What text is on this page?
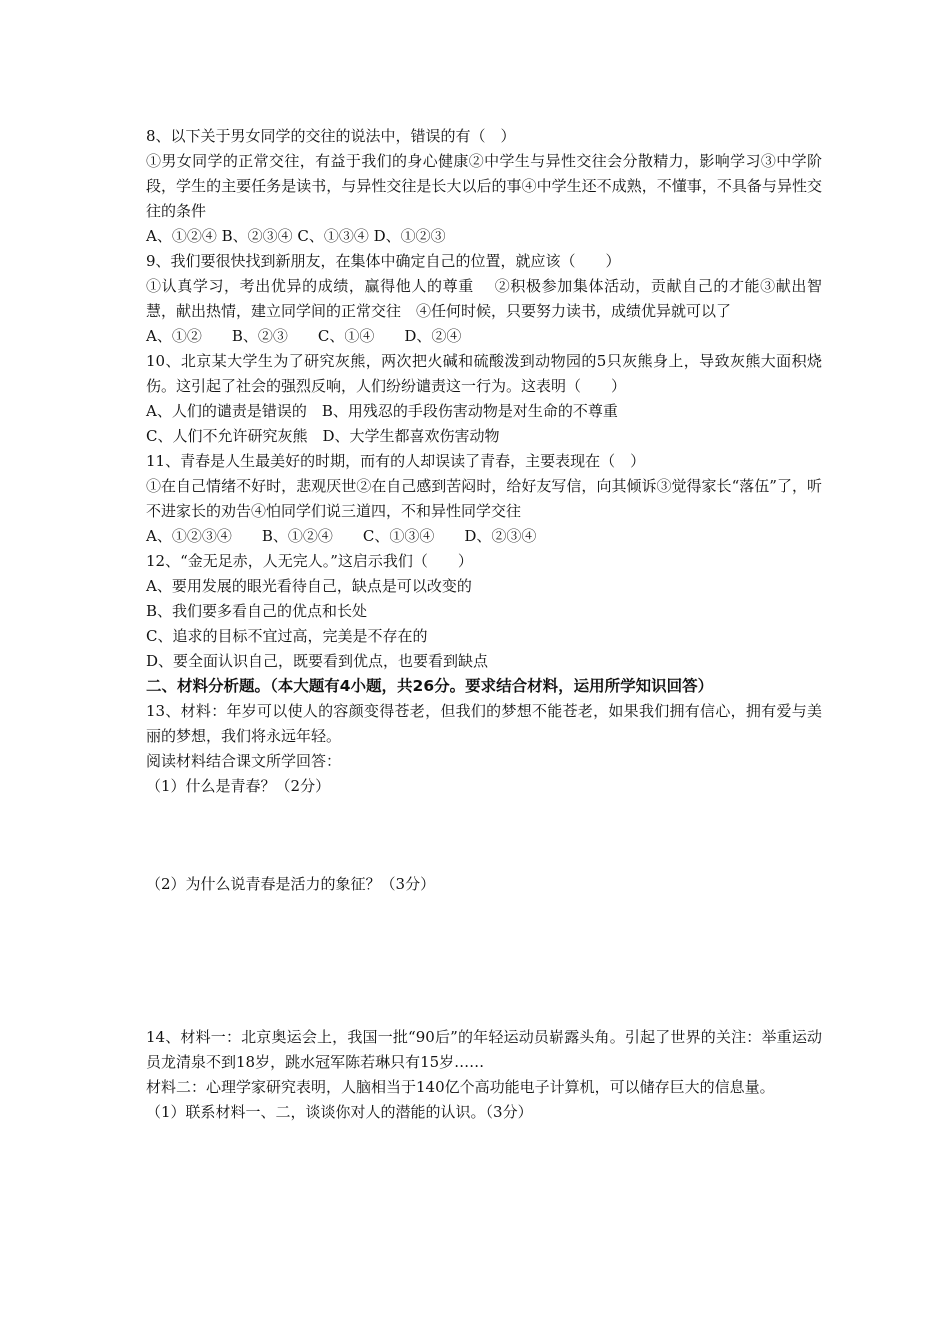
8、以下关于男女同学的交往的说法中，错误的有（　）

①男女同学的正常交往，有益于我们的身心健康②中学生与异性交往会分散精力，影响学习③中学阶段，学生的主要任务是读书，与异性交往是长大以后的事④中学生还不成熟，不懂事，不具备与异性交往的条件

A、①②④ B、②③④ C、①③④ D、①②③

9、我们要很快找到新朋友，在集体中确定自己的位置，就应该（　　）

①认真学习，考出优异的成绩，赢得他人的尊重　 ②积极参加集体活动，贡献自己的才能③献出智慧，献出热情，建立同学间的正常交往　④任何时候，只要努力读书，成绩优异就可以了

A、①②　　B、②③　　C、①④　　D、②④

10、北京某大学生为了研究灰熊，两次把火碱和硫酸泼到动物园的5只灰熊身上，导致灰熊大面积烧伤。这引起了社会的强烈反响，人们纷纷谴责这一行为。这表明（　　）

A、人们的谴责是错误的　B、用残忍的手段伤害动物是对生命的不尊重

C、人们不允许研究灰熊　D、大学生都喜欢伤害动物

11、青春是人生最美好的时期，而有的人却误读了青春，主要表现在（　）

①在自己情绪不好时，悲观厌世②在自己感到苦闷时，给好友写信，向其倾诉③觉得家长“落伍”了，听不进家长的劝告④怕同学们说三道四，不和异性同学交往

A、①②③④　　B、①②④　　C、①③④　　D、②③④

12、“金无足赤，人无完人。”这启示我们（　　）

A、要用发展的眼光看待自己，缺点是可以改变的

B、我们要多看自己的优点和长处

C、追求的目标不宜过高，完美是不存在的

D、要全面认识自己，既要看到优点，也要看到缺点

二、材料分析题。（本大题有4小题，共26分。要求结合材料，运用所学知识回答）

13、材料：年岁可以使人的容颜变得苍老，但我们的梦想不能苍老，如果我们拥有信心，拥有爱与美丽的梦想，我们将永远年轻。

阅读材料结合课文所学回答：

（1）什么是青春？（2分）

（2）为什么说青春是活力的象征？（3分）

14、材料一：北京奥运会上，我国一批“90后”的年轻运动员崭露头角。引起了世界的关注：举重运动员龙清泉不到18岁，跳水冠军陈若琳只有15岁……

材料二：心理学家研究表明，人脑相当于140亿个高功能电子计算机，可以储存巨大的信息量。

（1）联系材料一、二，谈谈你对人的潜能的认识。（3分）
